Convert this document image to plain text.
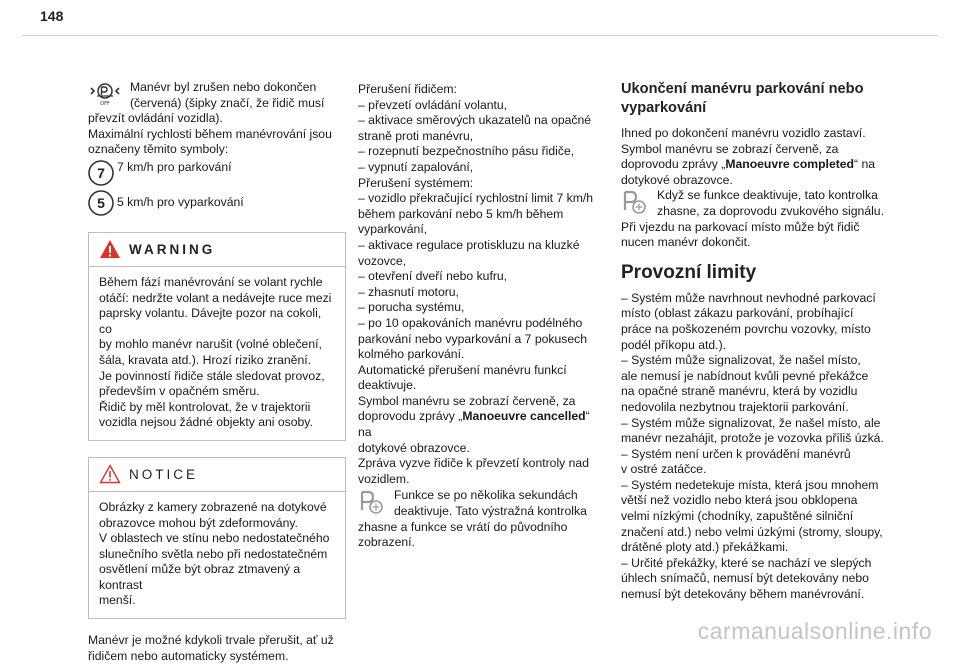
148
OFF

Manévr byl zrušen nebo dokončen
(červená) (šipky značí, že řidič musí
převzít ovládání vozidla).
Maximální rychlosti během manévrování jsou
označeny těmito symboly:

7 7 km/h pro parkování

5 5 km/h pro vyparkování

WARNING

Během fází manévrování se volant rychle
otáčí: nedržte volant a nedávejte ruce mezi
paprsky volantu. Dávejte pozor na cokoli, co
by mohlo manévr narušit (volné oblečení,
šála, kravata atd.). Hrozí riziko zranění.
Je povinností řidiče stále sledovat provoz,
především v opačném směru.
Řidič by měl kontrolovat, že v trajektorii
vozidla nejsou žádné objekty ani osoby.

NOTICE

Obrázky z kamery zobrazené na dotykové
obrazovce mohou být zdeformovány.
V oblastech ve stínu nebo nedostatečného
slunečního světla nebo při nedostatečném
osvětlení může být obraz ztmavený a kontrast
menší.

Manévr je možné kdykoli trvale přerušit, ať už
řidičem nebo automaticky systémem.

Přerušení řidičem:
– převzetí ovládání volantu,
– aktivace směrových ukazatelů na opačné
straně proti manévru,
– rozepnutí bezpečnostního pásu řidiče,
– vypnutí zapalování,
Přerušení systémem:
– vozidlo překračující rychlostní limit 7 km/h
během parkování nebo 5 km/h během
vyparkování,
– aktivace regulace protiskluzu na kluzké
vozovce,
– otevření dveří nebo kufru,
– zhasnutí motoru,
– porucha systému,
– po 10 opakováních manévru podélného
parkování nebo vyparkování a 7 pokusech
kolmého parkování.
Automatické přerušení manévru funkcí
deaktivuje.
Symbol manévru se zobrazí červeně, za
doprovodu zprávy „Manoeuvre cancelled“ na
dotykové obrazovce.
Zpráva vyzve řidiče k převzetí kontroly nad
vozidlem.

Funkce se po několika sekundách
deaktivuje. Tato výstražná kontrolka
zhasne a funkce se vrátí do původního
zobrazení.

Ukončení manévru parkování nebo
vyparkování

Ihned po dokončení manévru vozidlo zastaví.
Symbol manévru se zobrazí červeně, za
doprovodu zprávy „Manoeuvre completed“ na
dotykové obrazovce.

Když se funkce deaktivuje, tato kontrolka
zhasne, za doprovodu zvukového signálu.
Při vjezdu na parkovací místo může být řidič
nucen manévr dokončit.

Provozní limity

– Systém může navrhnout nevhodné parkovací
místo (oblast zákazu parkování, probíhající
práce na poškozeném povrchu vozovky, místo
podél příkopu atd.).
– Systém může signalizovat, že našel místo,
ale nemusí je nabídnout kvůli pevné překážce
na opačné straně manévru, která by vozidlu
nedovolila nezbytnou trajektorii parkování.
– Systém může signalizovat, že našel místo, ale
manévr nezahájit, protože je vozovka příliš úzká.
– Systém není určen k provádění manévrů
v ostré zatáčce.
– Systém nedetekuje místa, která jsou mnohem
větší než vozidlo nebo která jsou obklopena
velmi nízkými (chodníky, zapuštěné silniční
značení atd.) nebo velmi úzkými (stromy, sloupy,
drátěné ploty atd.) překážkami.
– Určité překážky, které se nachází ve slepých
úhlech snímačů, nemusí být detekovány nebo
nemusí být detekovány během manévrování.

carmanualsonline.info
